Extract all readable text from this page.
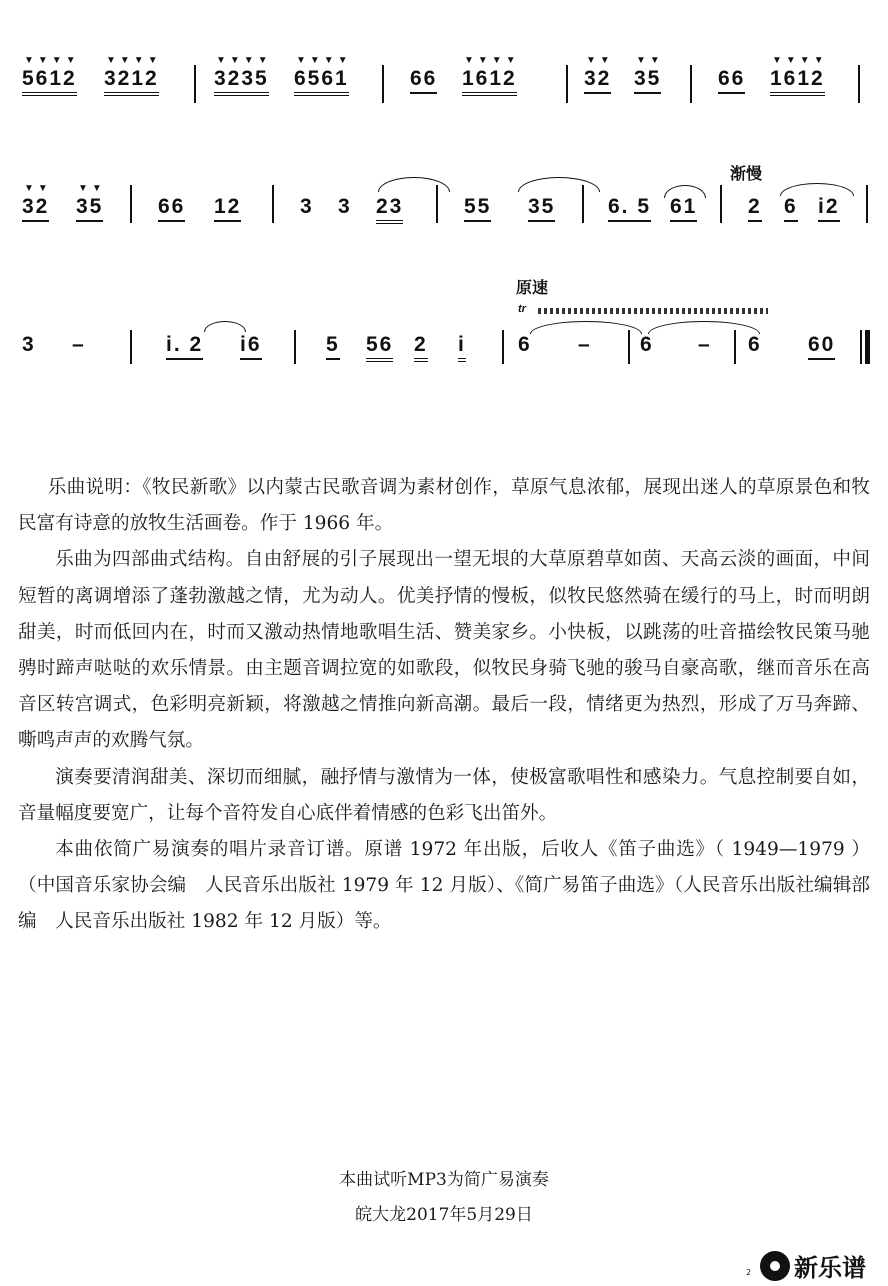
▼▼▼▼
5612
▼▼▼▼
3212
▼▼▼▼
3235
▼▼▼▼
6561	66
▼▼▼▼
1612
▼▼
32
▼▼
35	66
▼▼▼▼
1612
渐慢
▼▼
32
▼▼
35	66 12	3 3 23	55 35	6. 5 61 2 6 i2
原速
tr
3 –	i. 2 i6	5 56 2 i 6 – 6 – 6 60

乐曲说明：《牧民新歌》以内蒙古民歌音调为素材创作，草原气息浓郁，展现出迷人的草原景色和牧民富有诗意的放牧生活画卷。作于 1966 年。

乐曲为四部曲式结构。自由舒展的引子展现出一望无垠的大草原碧草如茵、天高云淡的画面，中间短暂的离调增添了蓬勃激越之情，尤为动人。优美抒情的慢板，似牧民悠然骑在缓行的马上，时而明朗甜美，时而低回内在，时而又激动热情地歌唱生活、赞美家乡。小快板，以跳荡的吐音描绘牧民策马驰骋时蹄声哒哒的欢乐情景。由主题音调拉宽的如歌段，似牧民身骑飞驰的骏马自豪高歌，继而音乐在高音区转宫调式，色彩明亮新颖，将激越之情推向新高潮。最后一段，情绪更为热烈，形成了万马奔蹄、嘶鸣声声的欢腾气氛。

演奏要清润甜美、深切而细腻，融抒情与激情为一体，使极富歌唱性和感染力。气息控制要自如，音量幅度要宽广，让每个音符发自心底伴着情感的色彩飞出笛外。

本曲依简广易演奏的唱片录音订谱。原谱 1972 年出版，后收人《笛子曲选》（ 1949—1979 ）（中国音乐家协会编　人民音乐出版社 1979 年 12 月版）、《简广易笛子曲选》（人民音乐出版社编辑部编　人民音乐出版社 1982 年 12 月版）等。

本曲试听MP3为简广易演奏
皖大龙2017年5月29日
2 新乐谱
